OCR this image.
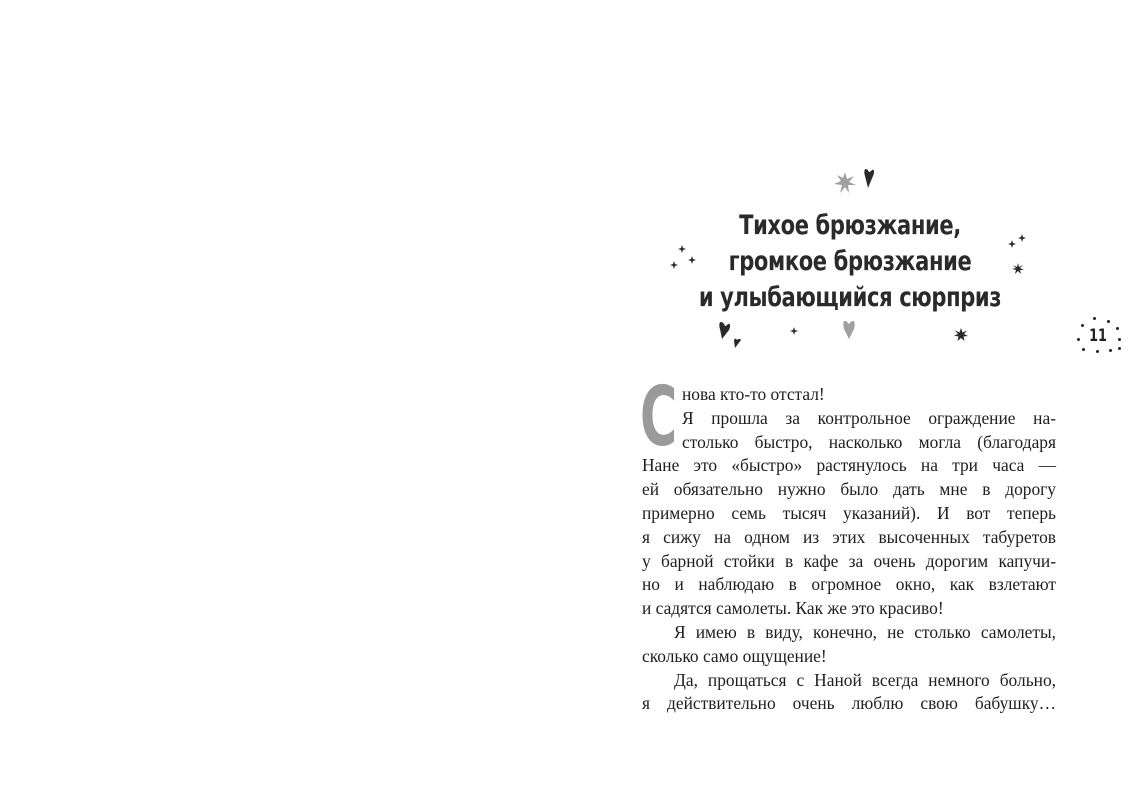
Тихое брюзжание,
громкое брюзжание
и улыбающийся сюрприз
11
С нова кто-то отстал!
Я прошла за контрольное ограждение на-
столько быстро, насколько могла (благодаря
Нане это «быстро» растянулось на три часа —
ей обязательно нужно было дать мне в дорогу
примерно семь тысяч указаний). И вот теперь
я сижу на одном из этих высоченных табуретов
у барной стойки в кафе за очень дорогим капучи-
но и наблюдаю в огромное окно, как взлетают
и садятся самолеты. Как же это красиво!
Я имею в виду, конечно, не столько самолеты,
сколько само ощущение!
Да, прощаться с Наной всегда немного больно,
я действительно очень люблю свою бабушку…
